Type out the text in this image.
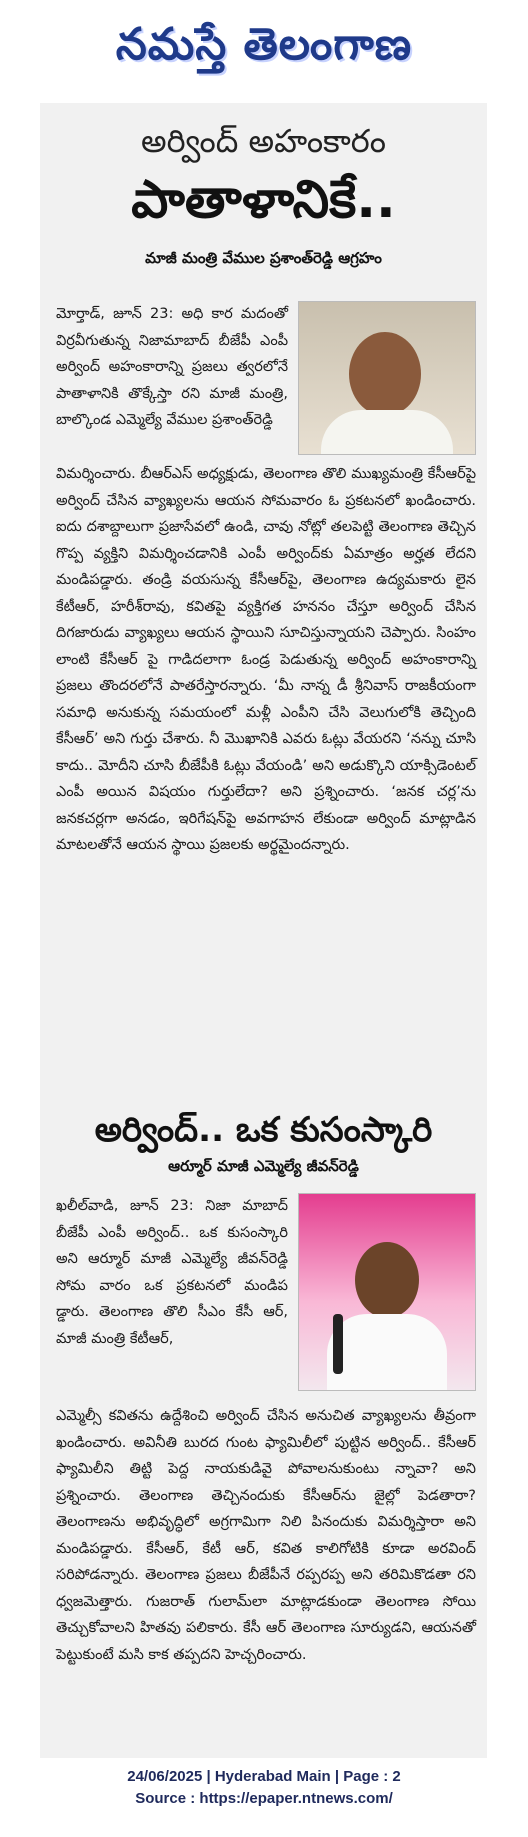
నమస్తే తెలంగాణ
అర్వింద్ అహంకారం
పాతాళానికే..
మాజీ మంత్రి వేముల ప్రశాంత్‌రెడ్డి ఆగ్రహం
మోర్తాడ్, జూన్ 23: అధి కార మదంతో విర్రవీగుతున్న నిజామాబాద్ బీజేపీ ఎంపీ అర్వింద్ అహంకారాన్ని ప్రజలు త్వరలోనే పాతాళానికి తొక్కేస్తా రని మాజీ మంత్రి, బాల్కొండ ఎమ్మెల్యే వేముల ప్రశాంత్‌రెడ్డి
విమర్శించారు. బీఆర్‌ఎస్ అధ్యక్షుడు, తెలంగాణ తొలి ముఖ్యమంత్రి కేసీఆర్‌పై అర్వింద్ చేసిన వ్యాఖ్యలను ఆయన సోమవారం ఓ ప్రకటనలో ఖండించారు. ఐదు దశాబ్దాలుగా ప్రజాసేవలో ఉండి, చావు నోట్లో తలపెట్టి తెలంగాణ తెచ్చిన గొప్ప వ్యక్తిని విమర్శించడానికి ఎంపీ అర్వింద్‌కు ఏమాత్రం అర్హత లేదని మండిపడ్డారు. తండ్రి వయసున్న కేసీఆర్‌పై, తెలంగాణ ఉద్యమకారు లైన కేటీఆర్, హరీశ్‌రావు, కవితపై వ్యక్తిగత హననం చేస్తూ అర్వింద్ చేసిన దిగజారుడు వ్యాఖ్యలు ఆయన స్థాయిని సూచిస్తున్నాయని చెప్పారు. సింహం లాంటి కేసీఆర్ పై గాడిదలాగా ఓండ్ర పెడుతున్న అర్వింద్ అహంకారాన్ని ప్రజలు తొందరలోనే పాతరేస్తారన్నారు. ‘మీ నాన్న డీ శ్రీనివాస్ రాజకీయంగా సమాధి అనుకున్న సమయంలో మళ్లీ ఎంపీని చేసి వెలుగులోకి తెచ్చింది కేసీఆర్’ అని గుర్తు చేశారు. నీ మొఖానికి ఎవరు ఓట్లు వేయరని ‘నన్ను చూసి కాదు.. మోదీని చూసి బీజేపీకి ఓట్లు వేయండి’ అని అడుక్కొని యాక్సిడెంటల్ ఎంపీ అయిన విషయం గుర్తులేదా? అని ప్రశ్నించారు. ‘జనక చర్ల’ను జనకచర్లగా అనడం, ఇరిగేషన్‌పై అవగాహన లేకుండా అర్వింద్ మాట్లాడిన మాటలతోనే ఆయన స్థాయి ప్రజలకు అర్థమైందన్నారు.
అర్వింద్.. ఒక కుసంస్కారి
ఆర్మూర్ మాజీ ఎమ్మెల్యే జీవన్‌రెడ్డి
ఖలీల్‌వాడి, జూన్ 23: నిజా మాబాద్ బీజేపీ ఎంపీ అర్వింద్.. ఒక కుసంస్కారి అని ఆర్మూర్ మాజీ ఎమ్మెల్యే జీవన్‌రెడ్డి సోమ వారం ఒక ప్రకటనలో మండిప డ్డారు. తెలంగాణ తొలి సీఎం కేసీ ఆర్, మాజీ మంత్రి కేటీఆర్,
ఎమ్మెల్సీ కవితను ఉద్దేశించి అర్వింద్ చేసిన అనుచిత వ్యాఖ్యలను తీవ్రంగా ఖండించారు. అవినీతి బురద గుంట ఫ్యామిలీలో పుట్టిన అర్వింద్.. కేసీఆర్ ఫ్యామిలీని తిట్టి పెద్ద నాయకుడివై పోవాలనుకుంటు న్నావా? అని ప్రశ్నించారు. తెలంగాణ తెచ్చినందుకు కేసీఆర్‌ను జైల్లో పెడతారా? తెలంగాణను అభివృద్ధిలో అగ్రగామిగా నిలి పినందుకు విమర్శిస్తారా అని మండిపడ్డారు. కేసీఆర్, కేటీ ఆర్, కవిత కాలిగోటికి కూడా అరవింద్ సరిపోడన్నారు. తెలంగాణ ప్రజలు బీజేపీనే రప్పరప్ప అని తరిమికొడతా రని ధ్వజమెత్తారు. గుజరాత్ గులామ్‌లా మాట్లాడకుండా తెలంగాణ సోయి తెచ్చుకోవాలని హితవు పలికారు. కేసీ ఆర్ తెలంగాణ సూర్యుడని, ఆయనతో పెట్టుకుంటే మసి కాక తప్పదని హెచ్చరించారు.
24/06/2025 | Hyderabad Main | Page : 2
Source : https://epaper.ntnews.com/
